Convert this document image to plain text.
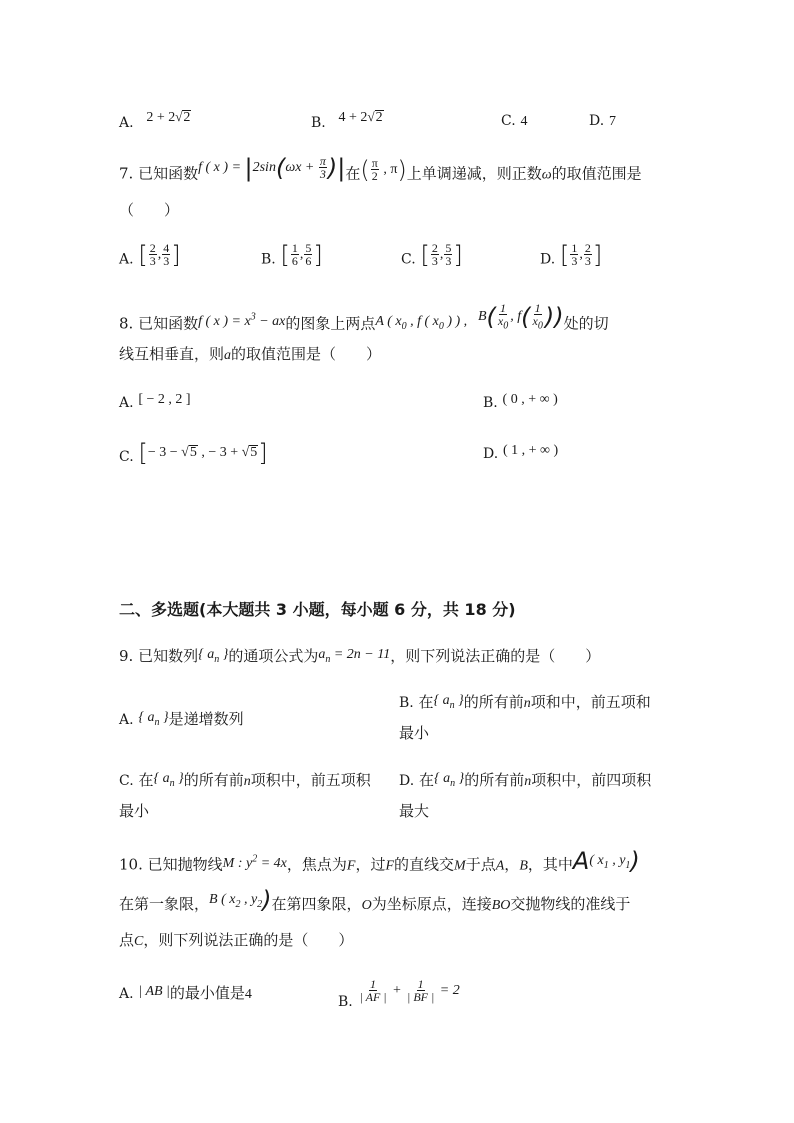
A. 2 + 2√2	B. 4 + 2√2	C. 4	D. 7
7. 已知函数f ( x ) = $|2\sin(\omega x + \frac{\pi}{3}$ )|在( $\frac{\pi}{2}$ , π)上单调递减，则正数ω的取值范围是
（　　）
A. [ $\frac{2}{3}$ , $\frac{4}{3}$ ]	B. [ $\frac{1}{6}$ , $\frac{5}{6}$ ]	C. [ $\frac{2}{3}$ , $\frac{5}{3}$ ]	D. [ $\frac{1}{3}$ , $\frac{2}{3}$ ]
8. 已知函数f ( x ) = $x^3$ − ax的图象上两点A ( $x_0$ , f ( $x_0$ ) ) , $B( \frac{1}{x_0}$ , $f( \frac{1}{x_0}$ ))处的切
线互相垂直，则a的取值范围是（　　）
A. [ − 2 , 2 ]	B. ( 0 , + ∞ )
C. [− 3 − √5 , − 3 + √5]	D. ( 1 , + ∞ )
二、多选题(本大题共 3 小题，每小题 6 分，共 18 分)
9. 已知数列{ $a_n$ }的通项公式为$a_n = 2n - 11$，则下列说法正确的是（　　）
A. { $a_n$ }是递增数列
B. 在{ $a_n$ }的所有前n项和中，前五项和
最小
C. 在{ $a_n$ }的所有前n项积中，前五项积
最小
D. 在{ $a_n$ }的所有前n项积中，前四项积
最大
10. 已知抛物线M : $y^2 = 4x$，焦点为F，过F的直线交M于点A，B，其中A( $x_1$ , $y_1$)
在第一象限，B ( $x_2$ , $y_2$)在第四象限，O为坐标原点，连接BO交抛物线的准线于
点C，则下列说法正确的是（　　）
A. | AB |的最小值是4	B. $\frac{1}{| AF |} + \frac{1}{| BF |} = 2$
